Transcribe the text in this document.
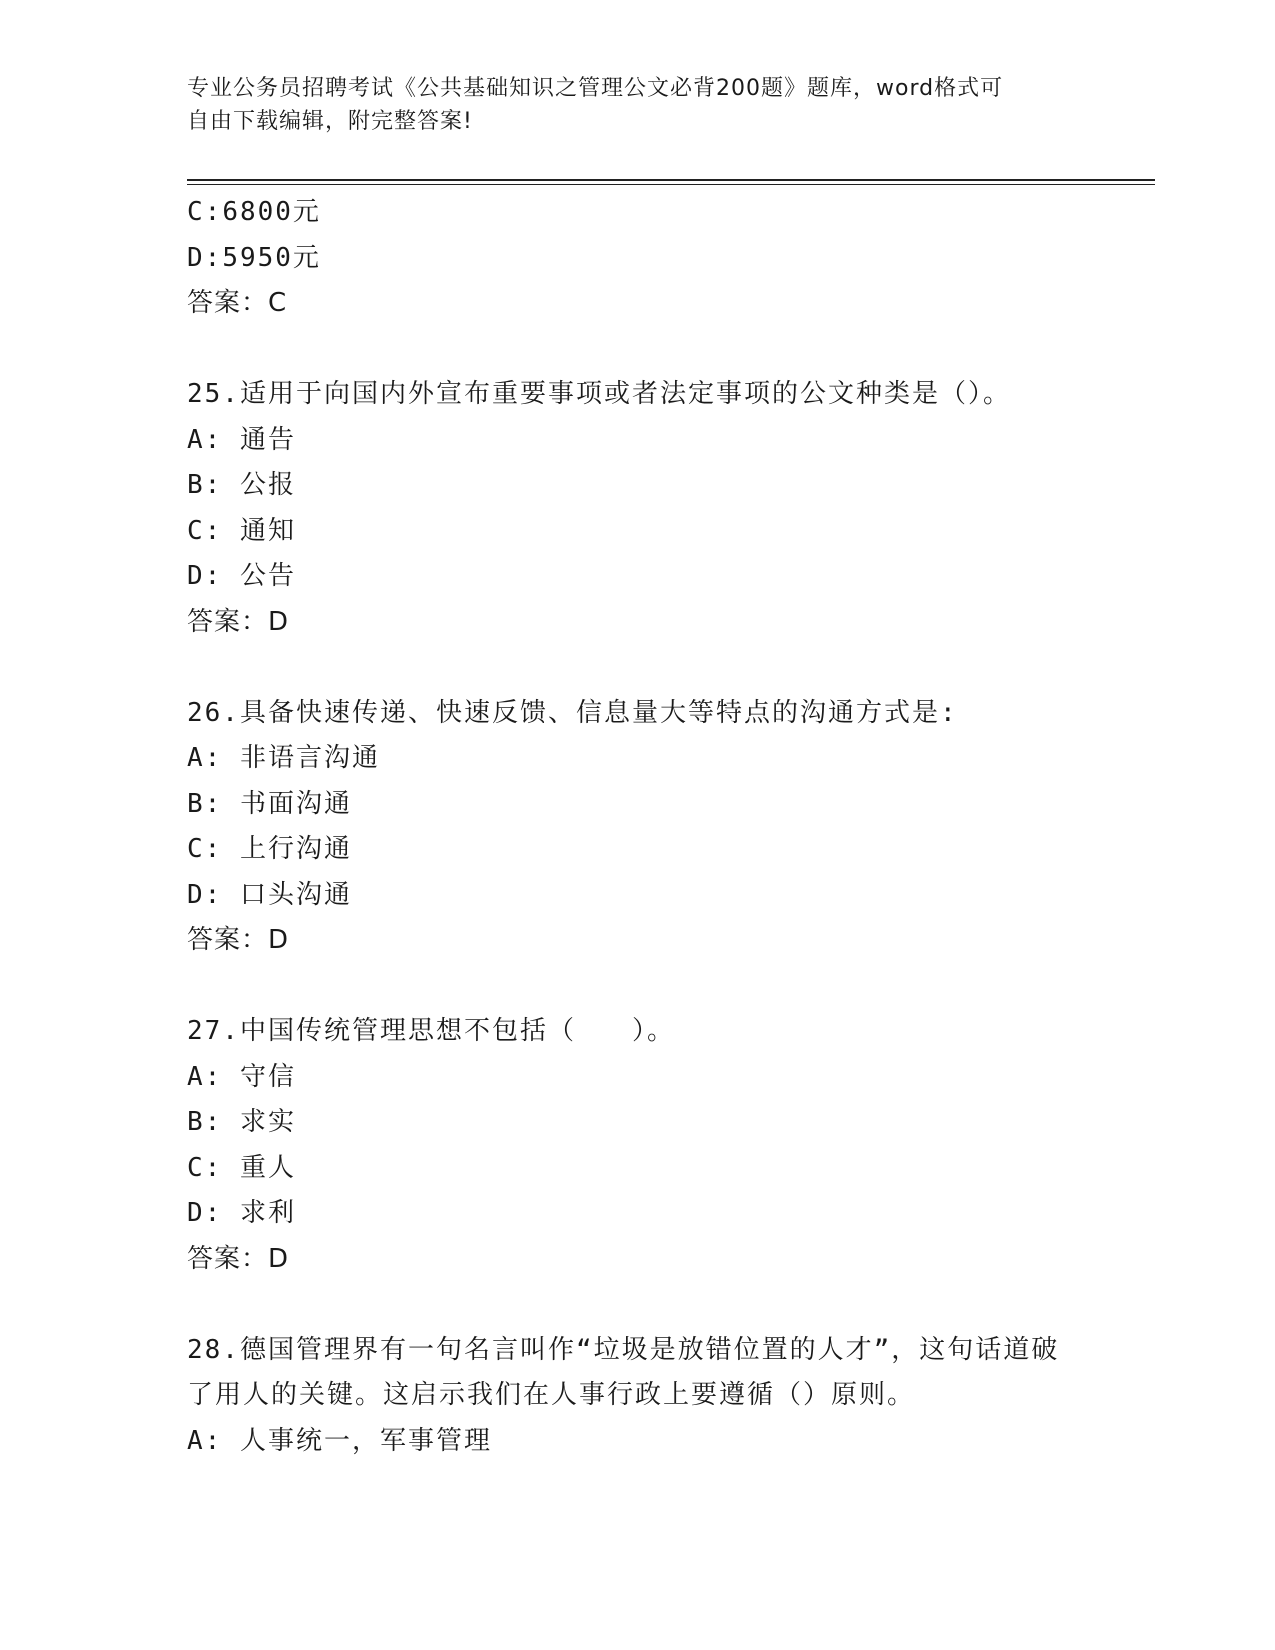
专业公务员招聘考试《公共基础知识之管理公文必背200题》题库，word格式可
自由下载编辑，附完整答案!
C:6800元
D:5950元
答案：C
25.适用于向国内外宣布重要事项或者法定事项的公文种类是（）。
A: 通告
B: 公报
C: 通知
D: 公告
答案：D
26.具备快速传递、快速反馈、信息量大等特点的沟通方式是:
A: 非语言沟通
B: 书面沟通
C: 上行沟通
D: 口头沟通
答案：D
27.中国传统管理思想不包括（　　）。
A: 守信
B: 求实
C: 重人
D: 求利
答案：D
28.德国管理界有一句名言叫作“垃圾是放错位置的人才”，这句话道破了用人的关键。这启示我们在人事行政上要遵循（）原则。
A: 人事统一，军事管理
